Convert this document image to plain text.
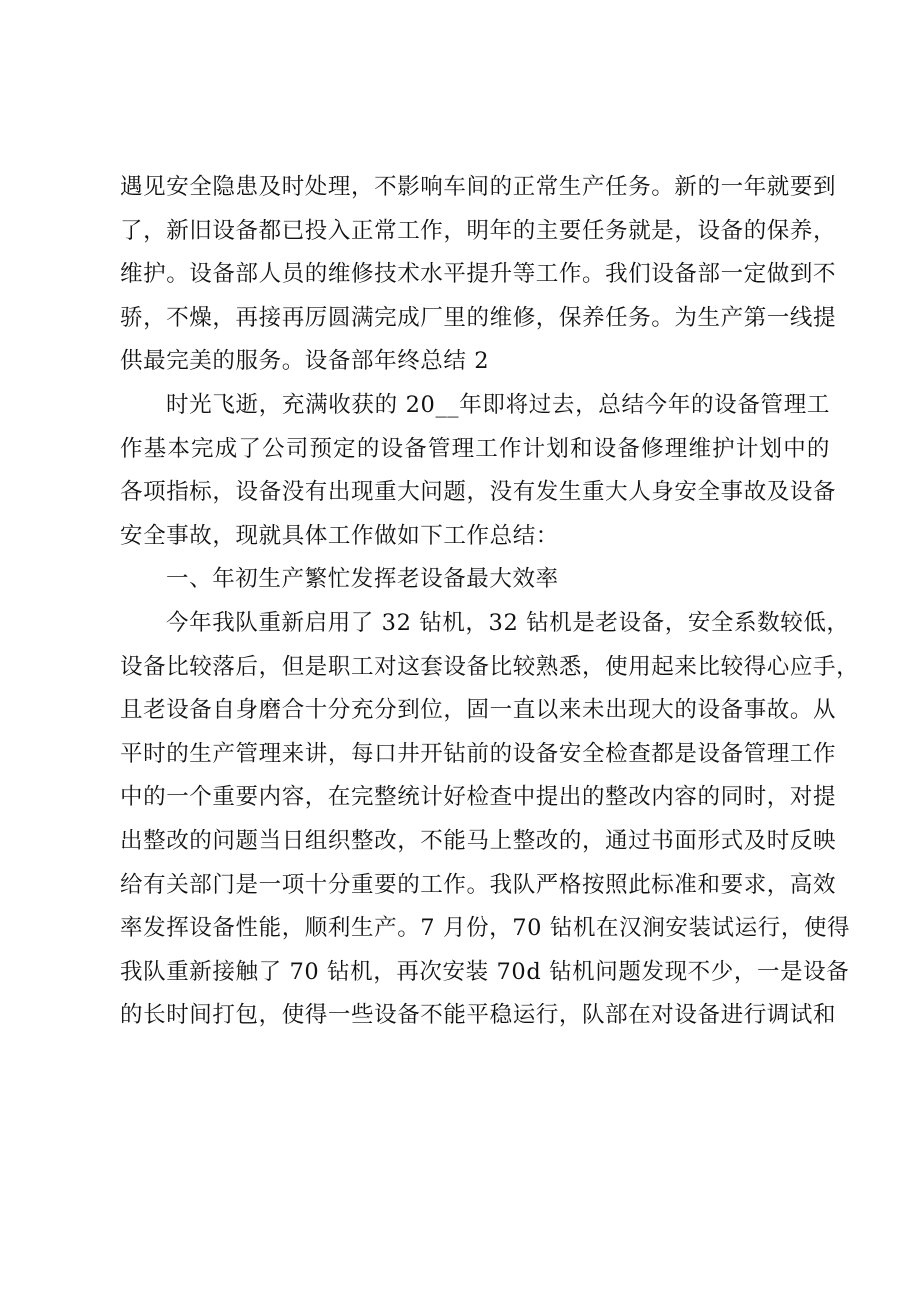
遇见安全隐患及时处理，不影响车间的正常生产任务。新的一年就要到
了，新旧设备都已投入正常工作，明年的主要任务就是，设备的保养，
维护。设备部人员的维修技术水平提升等工作。我们设备部一定做到不
骄，不燥，再接再厉圆满完成厂里的维修，保养任务。为生产第一线提
供最完美的服务。设备部年终总结 2
时光飞逝，充满收获的 20__年即将过去，总结今年的设备管理工
作基本完成了公司预定的设备管理工作计划和设备修理维护计划中的
各项指标，设备没有出现重大问题，没有发生重大人身安全事故及设备
安全事故，现就具体工作做如下工作总结：
一、年初生产繁忙发挥老设备最大效率
今年我队重新启用了 32 钻机，32 钻机是老设备，安全系数较低，
设备比较落后，但是职工对这套设备比较熟悉，使用起来比较得心应手，
且老设备自身磨合十分充分到位，固一直以来未出现大的设备事故。从
平时的生产管理来讲，每口井开钻前的设备安全检查都是设备管理工作
中的一个重要内容，在完整统计好检查中提出的整改内容的同时，对提
出整改的问题当日组织整改，不能马上整改的，通过书面形式及时反映
给有关部门是一项十分重要的工作。我队严格按照此标准和要求，高效
率发挥设备性能，顺利生产。7 月份，70 钻机在汉涧安装试运行，使得
我队重新接触了 70 钻机，再次安装 70d 钻机问题发现不少，一是设备
的长时间打包，使得一些设备不能平稳运行，队部在对设备进行调试和
